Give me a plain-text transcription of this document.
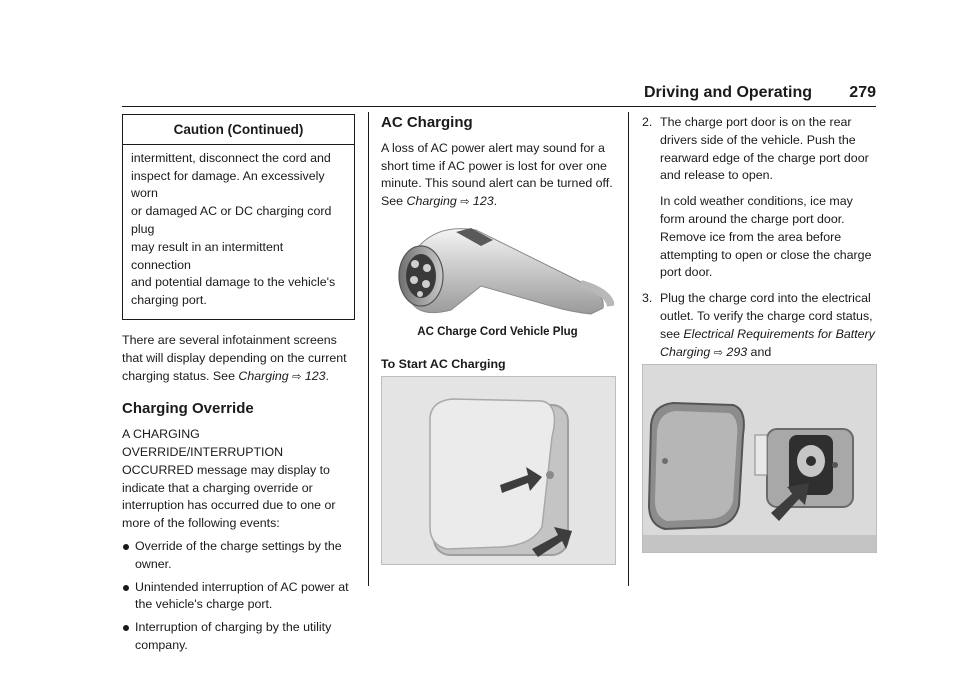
Driving and Operating 279
Caution (Continued)

intermittent, disconnect the cord and

inspect for damage. An excessively worn

or damaged AC or DC charging cord plug

may result in an intermittent connection

and potential damage to the vehicle's

charging port.

There are several infotainment screens that will display depending on the current charging status. See Charging ⇨ 123.

Charging Override

A CHARGING OVERRIDE/INTERRUPTION OCCURRED message may display to indicate that a charging override or interruption has occurred due to one or more of the following events:

Override of the charge settings by the owner.
Unintended interruption of AC power at the vehicle's charge port.
Interruption of charging by the utility company.
AC Charging

A loss of AC power alert may sound for a short time if AC power is lost for over one minute. This sound alert can be turned off. See Charging ⇨ 123.

AC Charge Cord Vehicle Plug

To Start AC Charging

2. The charge port door is on the rear drivers side of the vehicle. Push the rearward edge of the charge port door and release to open.

In cold weather conditions, ice may form around the charge port door. Remove ice from the area before attempting to open or close the charge port door.

3. Plug the charge cord into the electrical outlet. To verify the charge cord status, see Electrical Requirements for Battery Charging ⇨ 293 and
